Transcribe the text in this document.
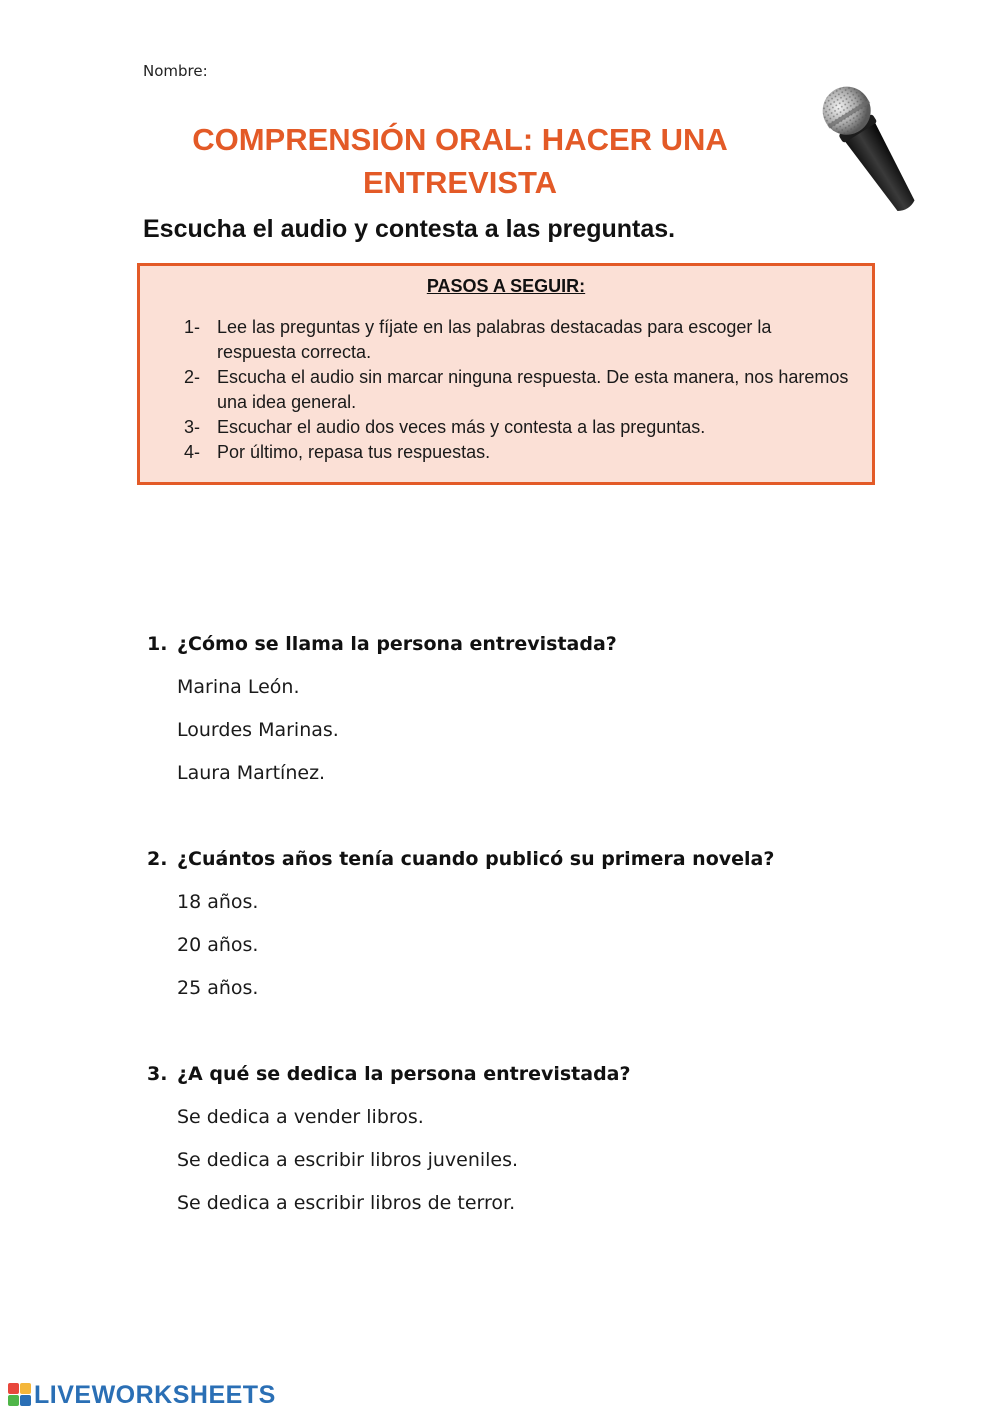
Nombre:
COMPRENSIÓN ORAL: HACER UNA
ENTREVISTA
Escucha el audio y contesta a las preguntas.
PASOS A SEGUIR:
1- Lee las preguntas y fíjate en las palabras destacadas para escoger la respuesta correcta.
2- Escucha el audio sin marcar ninguna respuesta. De esta manera, nos haremos una idea general.
3- Escuchar el audio dos veces más y contesta a las preguntas.
4- Por último, repasa tus respuestas.
1. ¿Cómo se llama la persona entrevistada?
Marina León.
Lourdes Marinas.
Laura Martínez.
2. ¿Cuántos años tenía cuando publicó su primera novela?
18 años.
20 años.
25 años.
3. ¿A qué se dedica la persona entrevistada?
Se dedica a vender libros.
Se dedica a escribir libros juveniles.
Se dedica a escribir libros de terror.
LIVEWORKSHEETS
